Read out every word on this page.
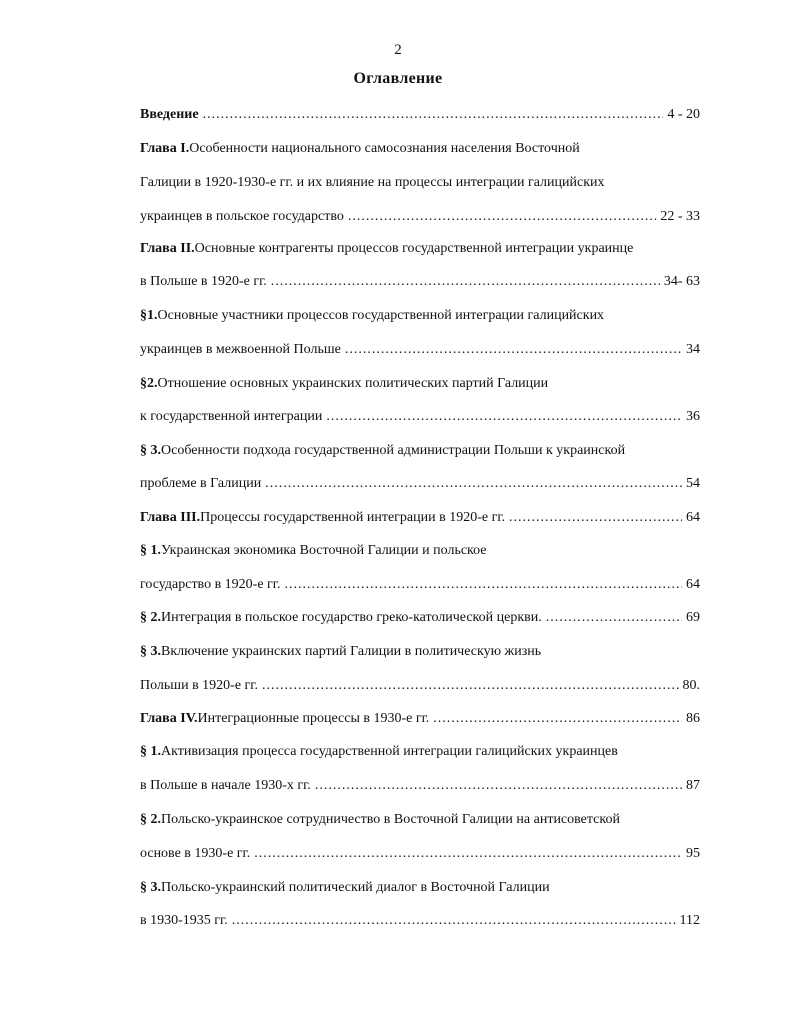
2
Оглавление
Введение .....	4 - 20
Глава I. Особенности национального самосознания населения Восточной
Галиции в 1920-1930-е гг. и их влияние на процессы интеграции галицийских
украинцев в польское государство .....	22 - 33
Глава II. Основные контрагенты процессов государственной интеграции украинце
в Польше в 1920-е гг. .....	34- 63
§1. Основные участники процессов государственной интеграции галицийских
украинцев в межвоенной Польше .....	34
§2. Отношение основных украинских политических партий Галиции
к государственной интеграции .....	36
§ 3. Особенности подхода государственной администрации Польши к украинской
проблеме в Галиции .....	54
Глава III. Процессы государственной интеграции в 1920-е гг. .....	64
§ 1. Украинская экономика Восточной Галиции и польское
государство в 1920-е гг. .....	64
§ 2. Интеграция в польское государство греко-католической церкви. .....	69
§ 3. Включение украинских партий Галиции в политическую жизнь
Польши в 1920-е гг. .....	80.
Глава IV. Интеграционные процессы в 1930-е гг. .....	86
§ 1. Активизация процесса государственной интеграции галицийских украинцев
в Польше в начале 1930-х гг. .....	87
§ 2. Польско-украинское сотрудничество в Восточной Галиции на антисоветской
основе в 1930-е гг. .....	95
§ 3. Польско-украинский политический диалог в Восточной Галиции
в 1930-1935 гг. .....	112
